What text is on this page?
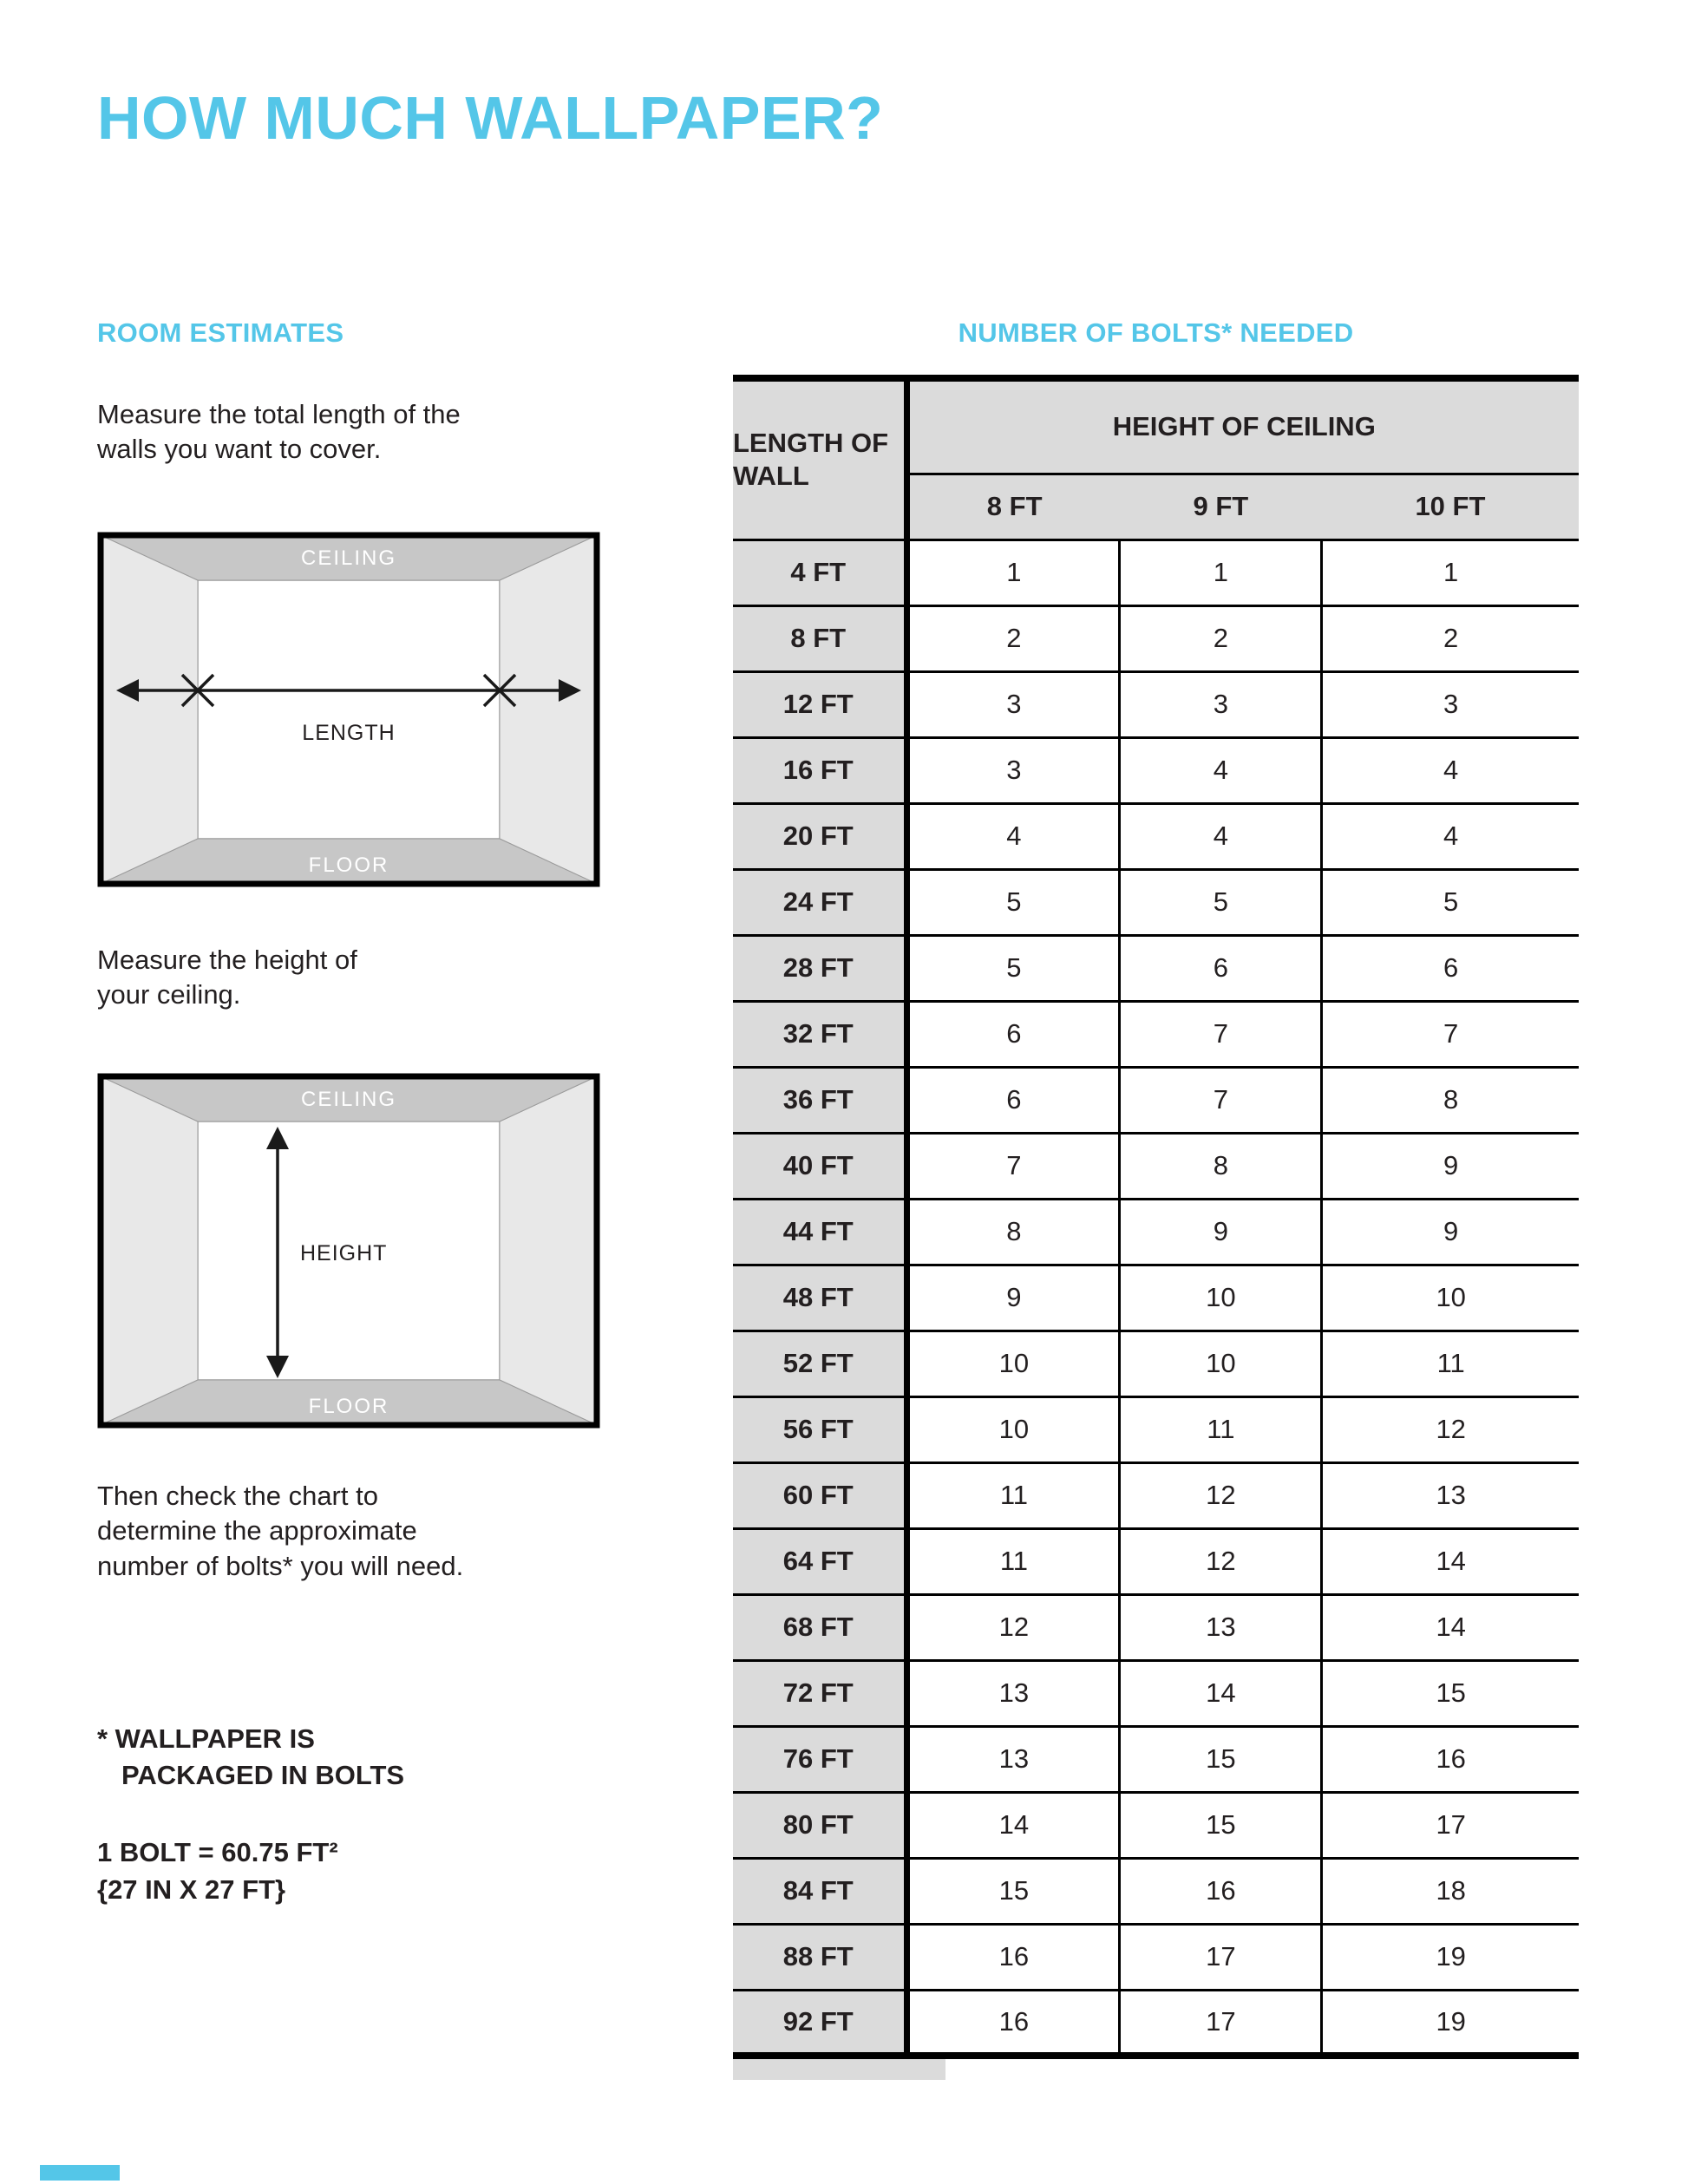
HOW MUCH WALLPAPER?
ROOM ESTIMATES

Measure the total length of the walls you want to cover.

CEILING
FLOOR
LENGTH

Measure the height of your ceiling.

CEILING
FLOOR
HEIGHT

Then check the chart to determine the approximate number of bolts* you will need.

* WALLPAPER IS
PACKAGED IN BOLTS
1 BOLT = 60.75 FT²
{27 IN X 27 FT}
NUMBER OF BOLTS* NEEDED
LENGTH OF WALL	HEIGHT OF CEILING		
	8 FT	9 FT	10 FT
4 FT	1	1	1
8 FT	2	2	2
12 FT	3	3	3
16 FT	3	4	4
20 FT	4	4	4
24 FT	5	5	5
28 FT	5	6	6
32 FT	6	7	7
36 FT	6	7	8
40 FT	7	8	9
44 FT	8	9	9
48 FT	9	10	10
52 FT	10	10	11
56 FT	10	11	12
60 FT	11	12	13
64 FT	11	12	14
68 FT	12	13	14
72 FT	13	14	15
76 FT	13	15	16
80 FT	14	15	17
84 FT	15	16	18
88 FT	16	17	19
92 FT	16	17	19
